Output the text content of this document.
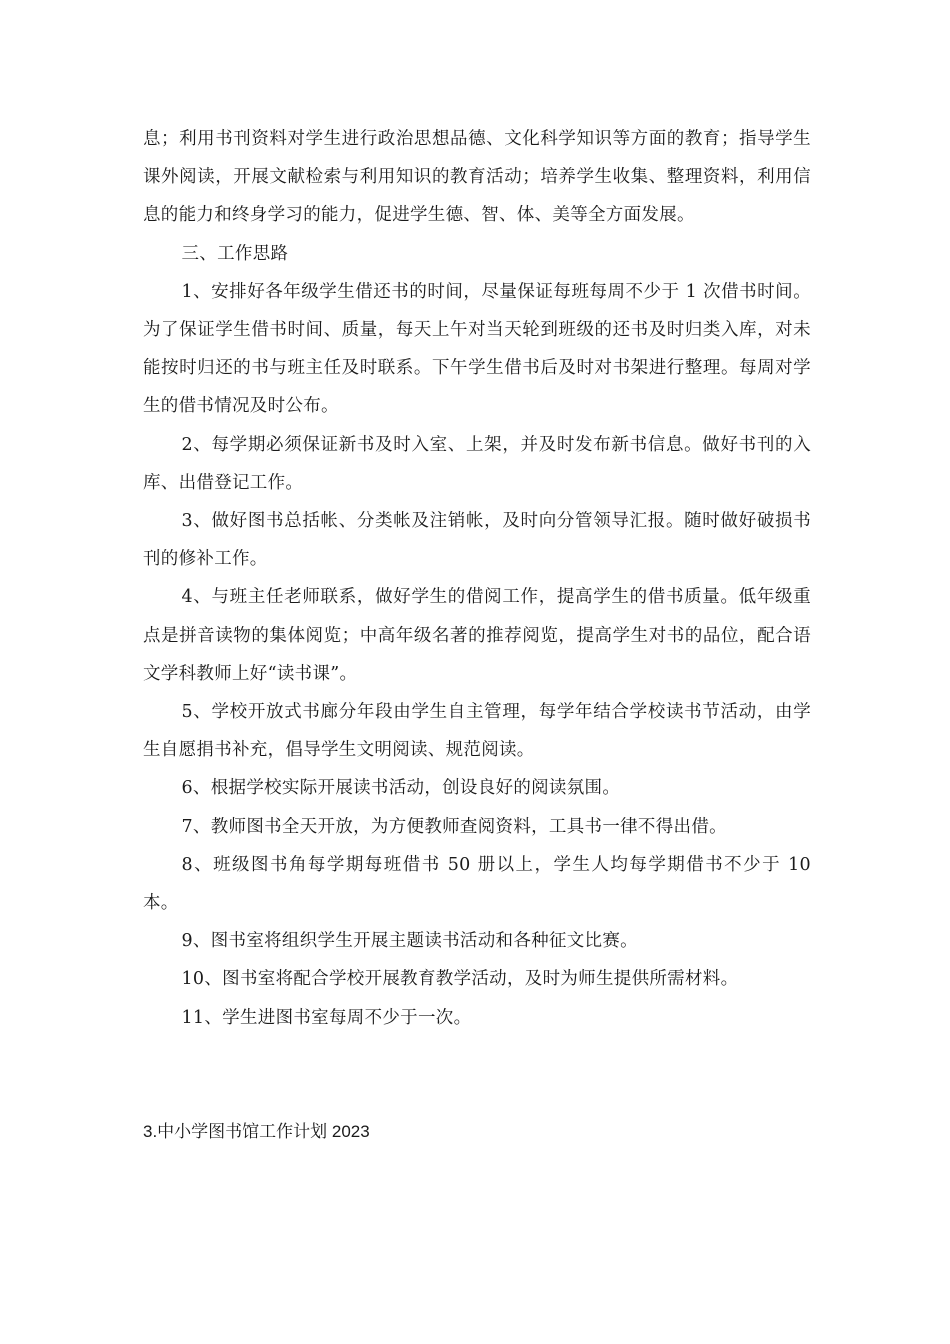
息；利用书刊资料对学生进行政治思想品德、文化科学知识等方面的教育；指导学生课外阅读，开展文献检索与利用知识的教育活动；培养学生收集、整理资料，利用信息的能力和终身学习的能力，促进学生德、智、体、美等全方面发展。

三、工作思路

1、安排好各年级学生借还书的时间，尽量保证每班每周不少于 1 次借书时间。为了保证学生借书时间、质量，每天上午对当天轮到班级的还书及时归类入库，对未能按时归还的书与班主任及时联系。下午学生借书后及时对书架进行整理。每周对学生的借书情况及时公布。

2、每学期必须保证新书及时入室、上架，并及时发布新书信息。做好书刊的入库、出借登记工作。

3、做好图书总括帐、分类帐及注销帐，及时向分管领导汇报。随时做好破损书刊的修补工作。

4、与班主任老师联系，做好学生的借阅工作，提高学生的借书质量。低年级重点是拼音读物的集体阅览；中高年级名著的推荐阅览，提高学生对书的品位，配合语文学科教师上好“读书课”。

5、学校开放式书廊分年段由学生自主管理，每学年结合学校读书节活动，由学生自愿捐书补充，倡导学生文明阅读、规范阅读。

6、根据学校实际开展读书活动，创设良好的阅读氛围。

7、教师图书全天开放，为方便教师查阅资料，工具书一律不得出借。

8、班级图书角每学期每班借书 50 册以上，学生人均每学期借书不少于 10 本。

9、图书室将组织学生开展主题读书活动和各种征文比赛。

10、图书室将配合学校开展教育教学活动，及时为师生提供所需材料。

11、学生进图书室每周不少于一次。

3.中小学图书馆工作计划 2023
